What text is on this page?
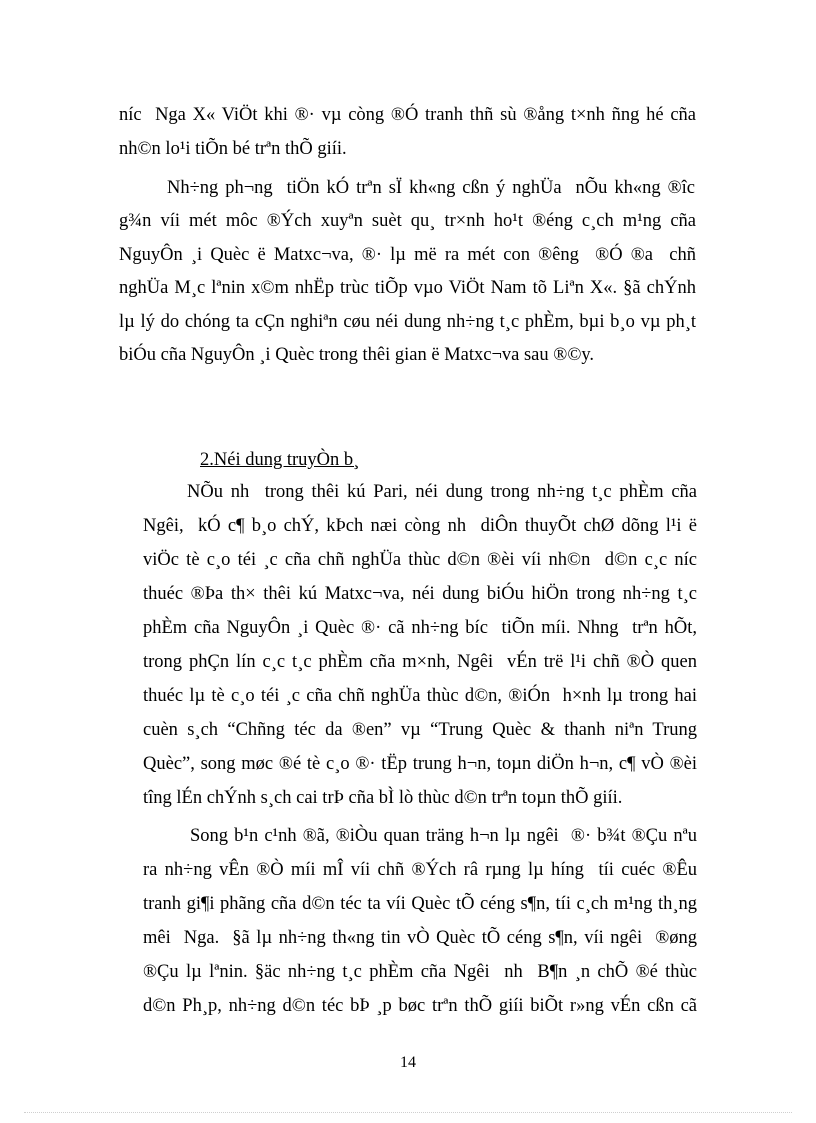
níc  Nga X« ViÖt khi ®· vµ còng ®Ó tranh thñ sù ®ång t×nh ñng hé cña
nh©n lo¹i tiÕn bé trªn thÕ giíi.
Nh÷ng ph¬ng  tiÖn kÓ trªn sÏ kh«ng cßn ý nghÜa  nÕu kh«ng ®îc
g¾n víi mét môc ®Ých xuyªn suèt qu¸ tr×nh ho¹t ®éng c¸ch m¹ng cña
NguyÔn ¸i Quèc ë Matxc¬va, ®· lµ më ra mét con ®êng  ®Ó ®a  chñ
nghÜa M¸c lªnin x©m nhËp trùc tiÕp vµo ViÖt Nam tõ Liªn X«. §ã chÝnh
lµ lý do chóng ta cÇn nghiªn cøu néi dung nh÷ng t¸c phÈm, bµi b¸o vµ ph¸t
biÓu cña NguyÔn ¸i Quèc trong thêi gian ë Matxc¬va sau ®©y.
2.Néi dung truyÒn b¸
NÕu nh  trong thêi kú Pari, néi dung trong nh÷ng t¸c phÈm cña
Ngêi,  kÓ c¶ b¸o chÝ, kÞch næi còng nh  diÔn thuyÕt chØ dõng l¹i ë
viÖc tè c¸o téi ¸c cña chñ nghÜa thùc d©n ®èi víi nh©n  d©n c¸c níc
thuéc ®Þa th× thêi kú Matxc¬va, néi dung biÓu hiÖn trong nh÷ng t¸c
phÈm cña NguyÔn ¸i Quèc ®· cã nh÷ng bíc  tiÕn míi. Nhng  trªn hÕt,
trong phÇn lín c¸c t¸c phÈm cña m×nh, Ngêi  vÉn trë l¹i chñ ®Ò quen
thuéc lµ tè c¸o téi ¸c cña chñ nghÜa thùc d©n, ®iÓn  h×nh lµ trong hai
cuèn s¸ch “Chñng téc da ®en” vµ “Trung Quèc & thanh niªn Trung
Quèc”, song møc ®é tè c¸o ®· tËp trung h¬n, toµn diÖn h¬n, c¶ vÒ ®èi
tîng lÉn chÝnh s¸ch cai trÞ cña bÌ lò thùc d©n trªn toµn thÕ giíi.
Song b¹n c¹nh ®ã, ®iÒu quan träng h¬n lµ ngêi  ®· b¾t ®Çu nªu
ra nh÷ng vÊn ®Ò míi mÎ víi chñ ®Ých râ rµng lµ híng  tíi cuéc ®Êu
tranh gi¶i phãng cña d©n téc ta víi Quèc tÕ céng s¶n, tíi c¸ch m¹ng th¸ng
mêi  Nga.  §ã lµ nh÷ng th«ng tin vÒ Quèc tÕ céng s¶n, víi ngêi  ®øng
®Çu lµ lªnin. §äc nh÷ng t¸c phÈm cña Ngêi  nh  B¶n ¸n chÕ ®é thùc
d©n Ph¸p, nh÷ng d©n téc bÞ ¸p bøc trªn thÕ giíi biÕt r»ng vÉn cßn cã
14
